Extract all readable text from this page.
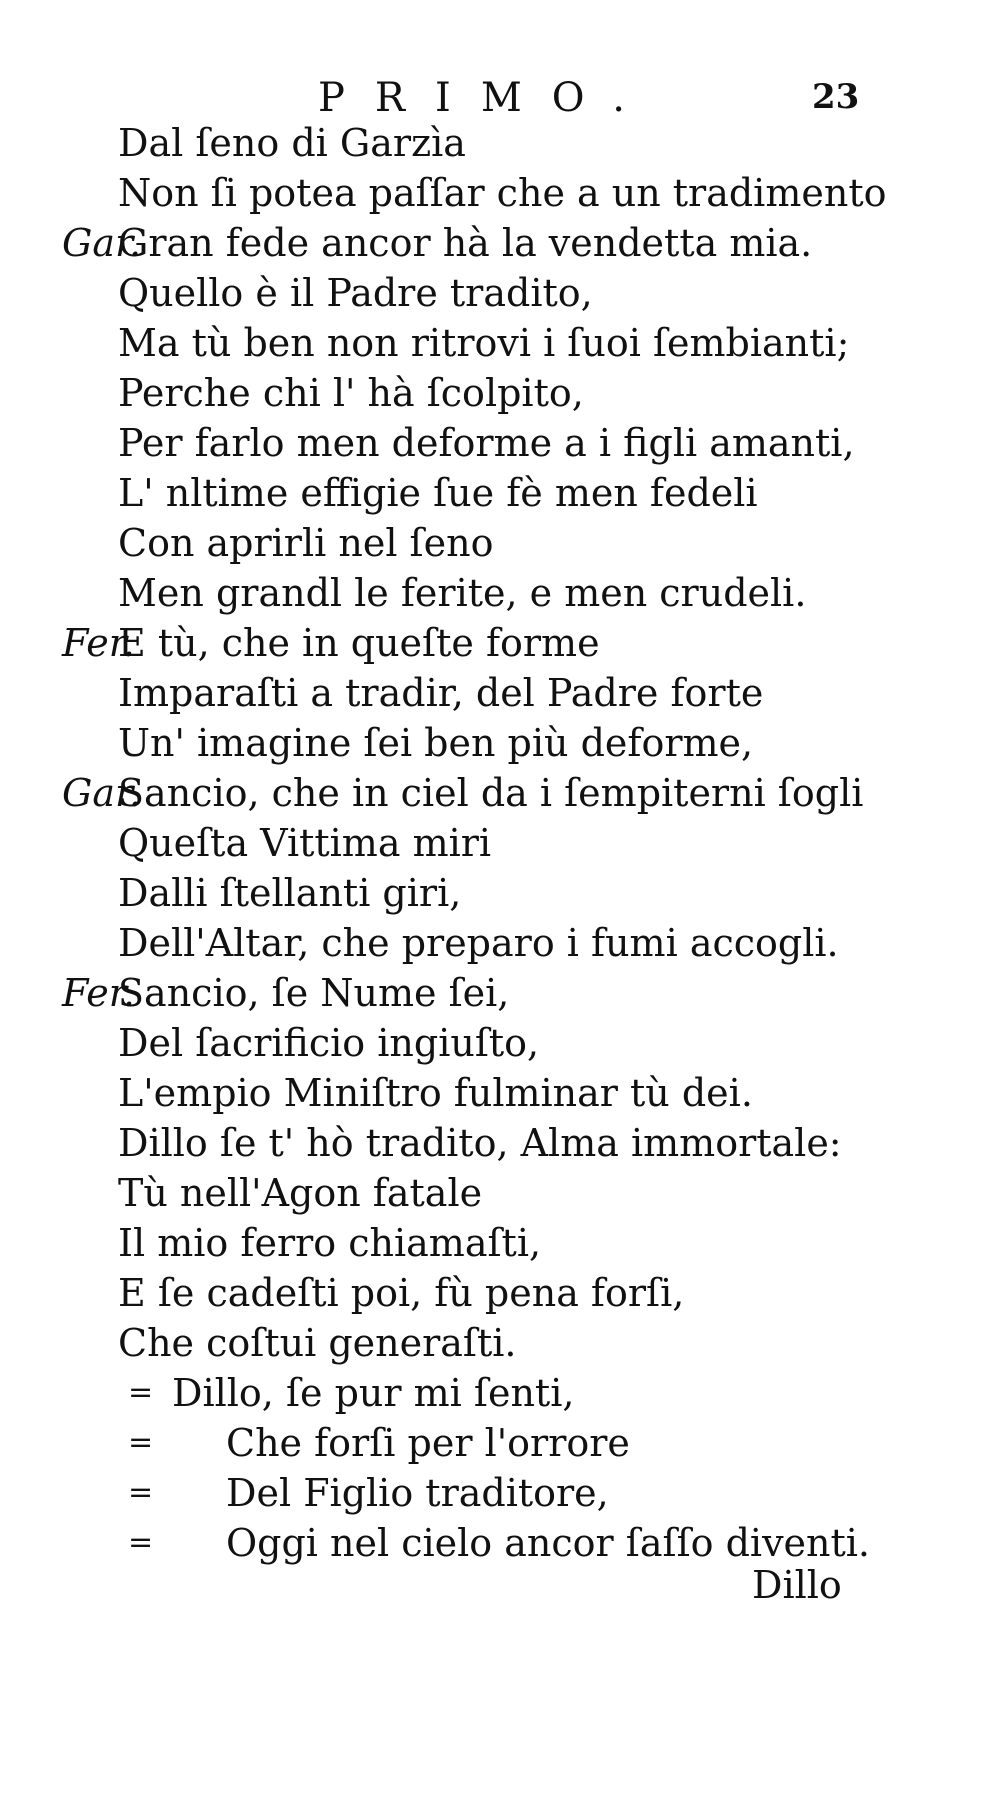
PRIMO.	23
Dal ſeno di Garzìa
Non ſi potea paſſar che a un tradimento
Gar.
Gran fede ancor hà la vendetta mia.
Quello è il Padre tradito,
Ma tù ben non ritrovi i ſuoi ſembianti;
Perche chi l' hà ſcolpito,
Per farlo men deforme a i figli amanti,
L' nltime effigie ſue fè men fedeli
Con aprirli nel ſeno
Men grandl le ferite, e men crudeli.
Fer.
E tù, che in queſte forme
Imparaſti a tradir, del Padre forte
Un' imagine ſei ben più deforme,
Gar.
Sancio, che in ciel da i ſempiterni ſogli
Queſta Vittima miri
Dalli ſtellanti giri,
Dell'Altar, che preparo i fumi accogli.
Fer.
Sancio, ſe Nume ſei,
Del ſacrificio ingiuſto,
L'empio Miniſtro fulminar tù dei.
Dillo ſe t' hò tradito, Alma immortale:
Tù nell'Agon fatale
Il mio ferro chiamaſti,
E ſe cadeſti poi, fù pena forſi,
Che coſtui generaſti.
= Dillo, ſe pur mi ſenti,
= Che forſi per l'orrore
= Del Figlio traditore,
= Oggi nel cielo ancor ſaſſo diventi.
Dillo
